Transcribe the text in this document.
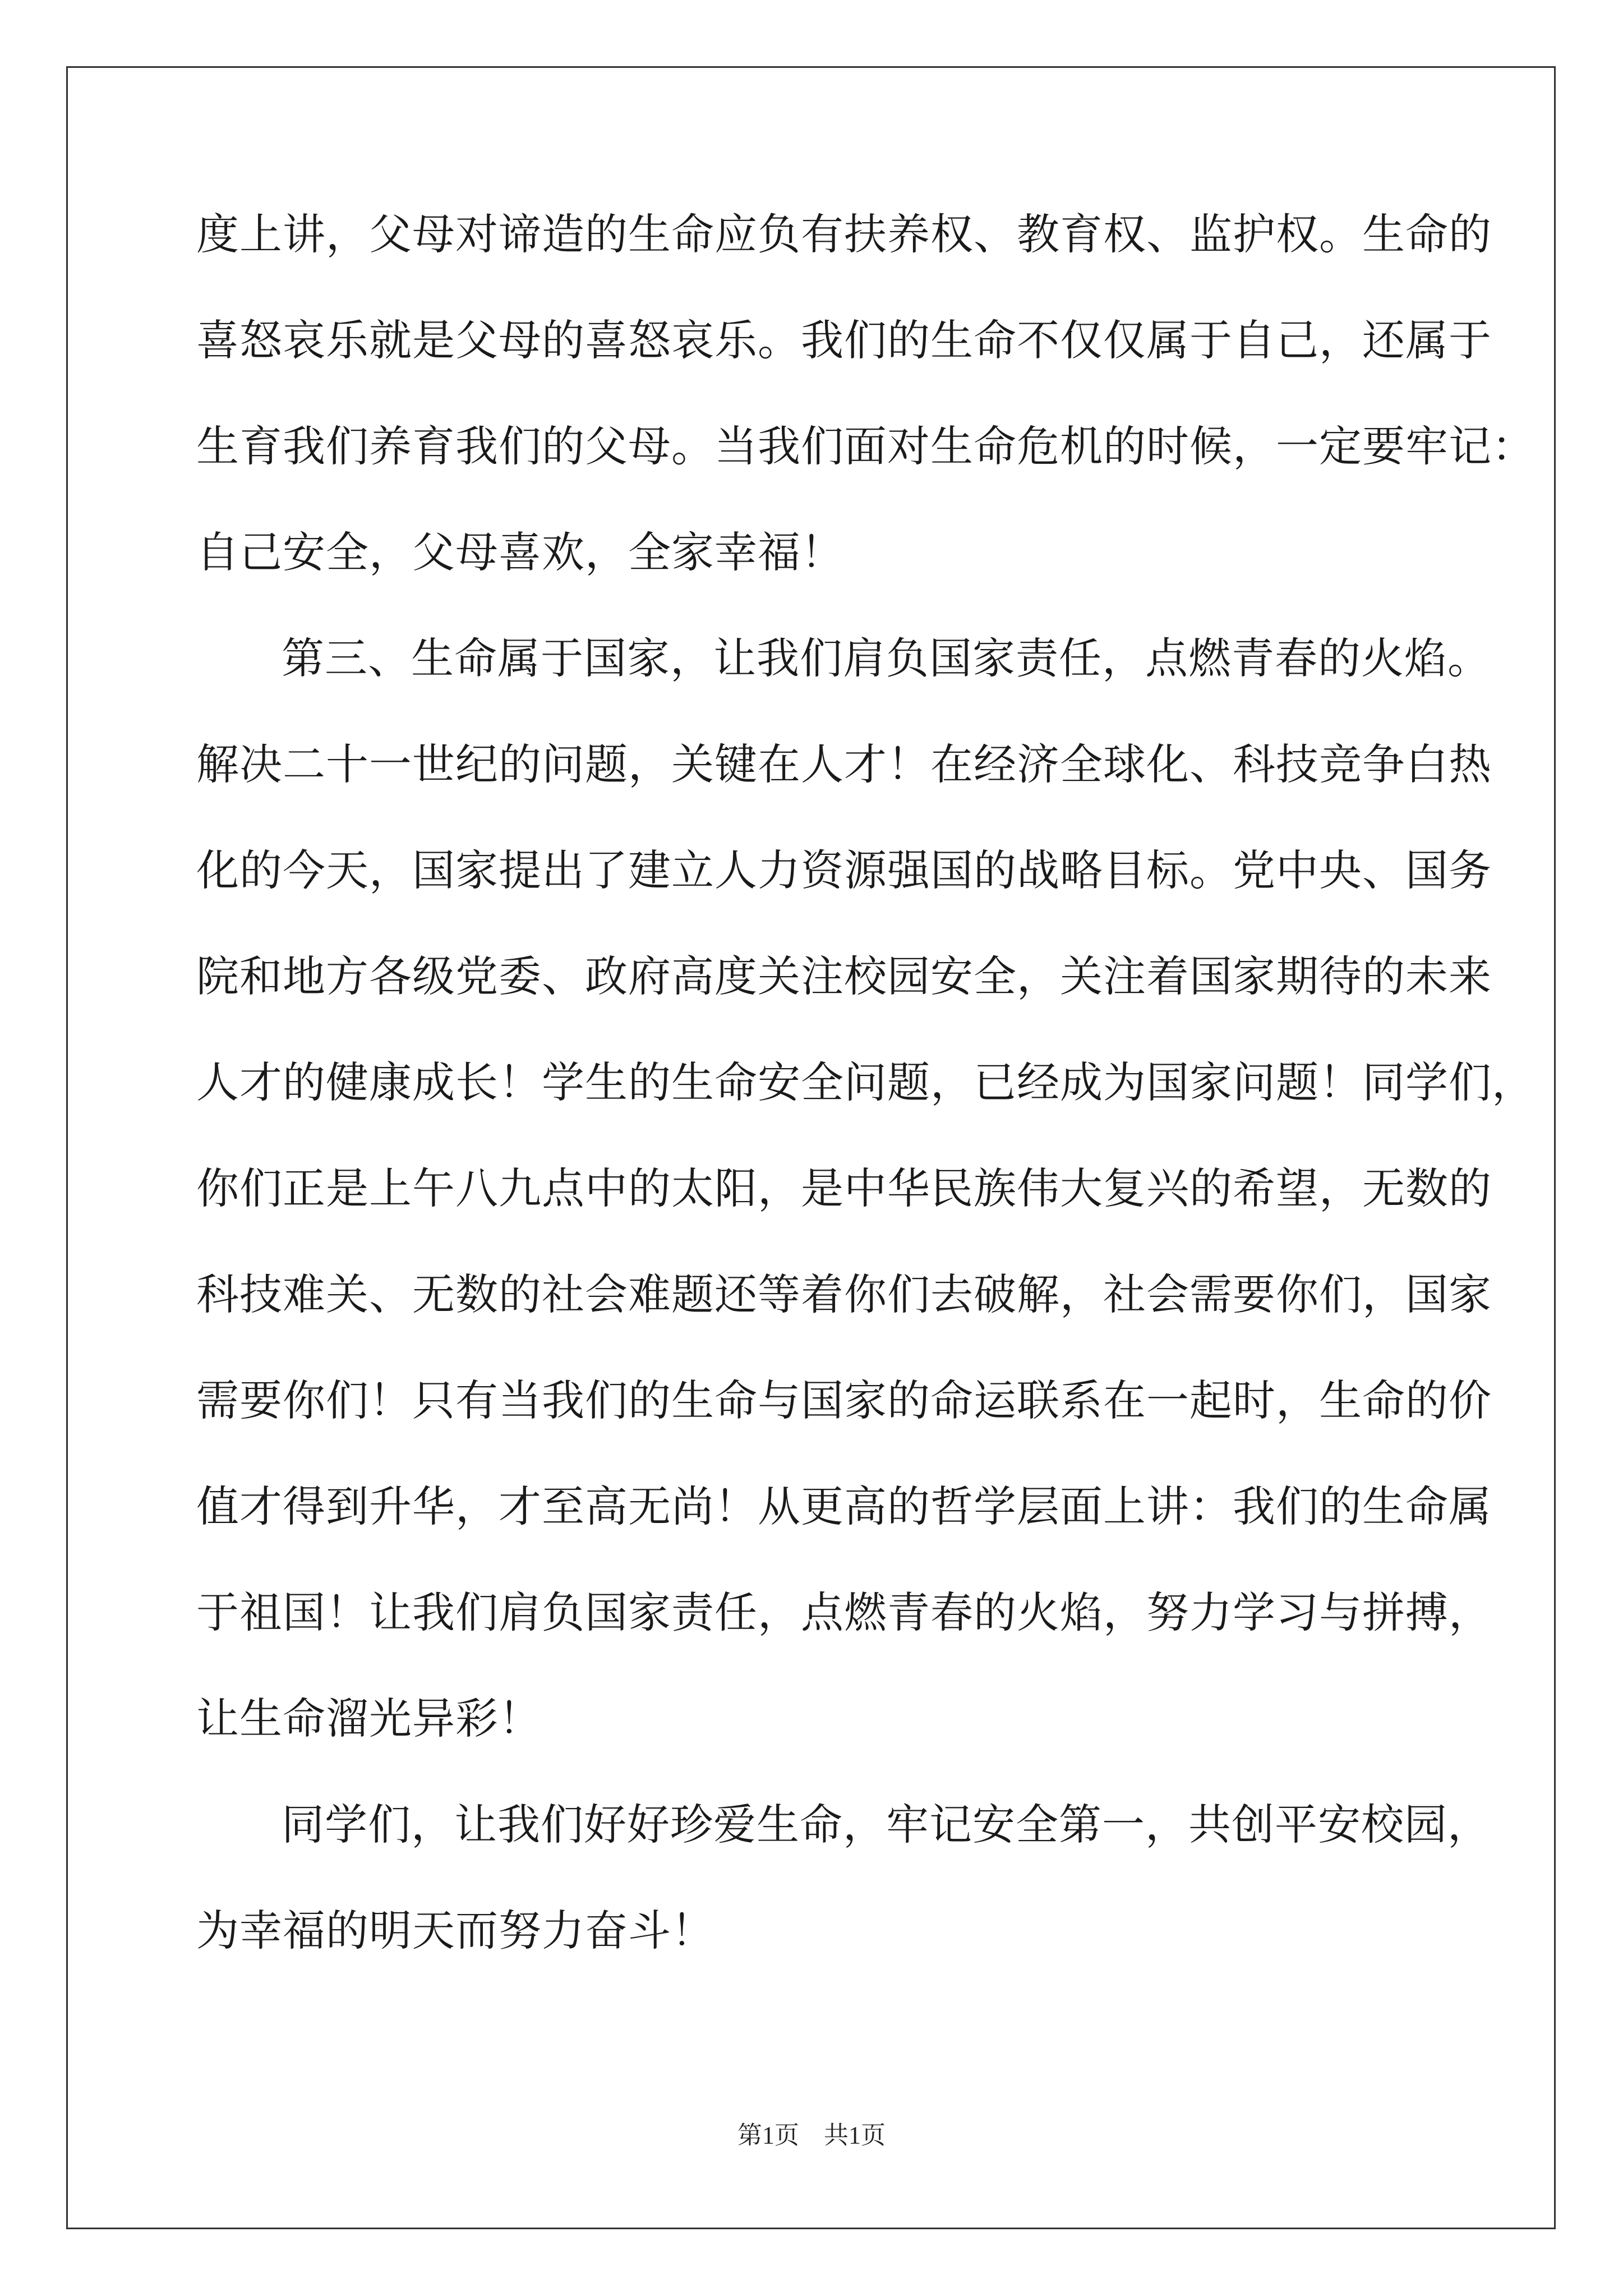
度上讲，父母对谛造的生命应负有扶养权、教育权、监护权。生命的
喜怒哀乐就是父母的喜怒哀乐。我们的生命不仅仅属于自己，还属于
生育我们养育我们的父母。当我们面对生命危机的时候，一定要牢记：
自己安全，父母喜欢，全家幸福！
第三、生命属于国家，让我们肩负国家责任，点燃青春的火焰。
解决二十一世纪的问题，关键在人才！在经济全球化、科技竞争白热
化的今天，国家提出了建立人力资源强国的战略目标。党中央、国务
院和地方各级党委、政府高度关注校园安全，关注着国家期待的未来
人才的健康成长！学生的生命安全问题，已经成为国家问题！同学们，
你们正是上午八九点中的太阳，是中华民族伟大复兴的希望，无数的
科技难关、无数的社会难题还等着你们去破解，社会需要你们，国家
需要你们！只有当我们的生命与国家的命运联系在一起时，生命的价
值才得到升华，才至高无尚！从更高的哲学层面上讲：我们的生命属
于祖国！让我们肩负国家责任，点燃青春的火焰，努力学习与拼搏，
让生命溜光异彩！
同学们，让我们好好珍爱生命，牢记安全第一，共创平安校园，
为幸福的明天而努力奋斗！
第1页　共1页
